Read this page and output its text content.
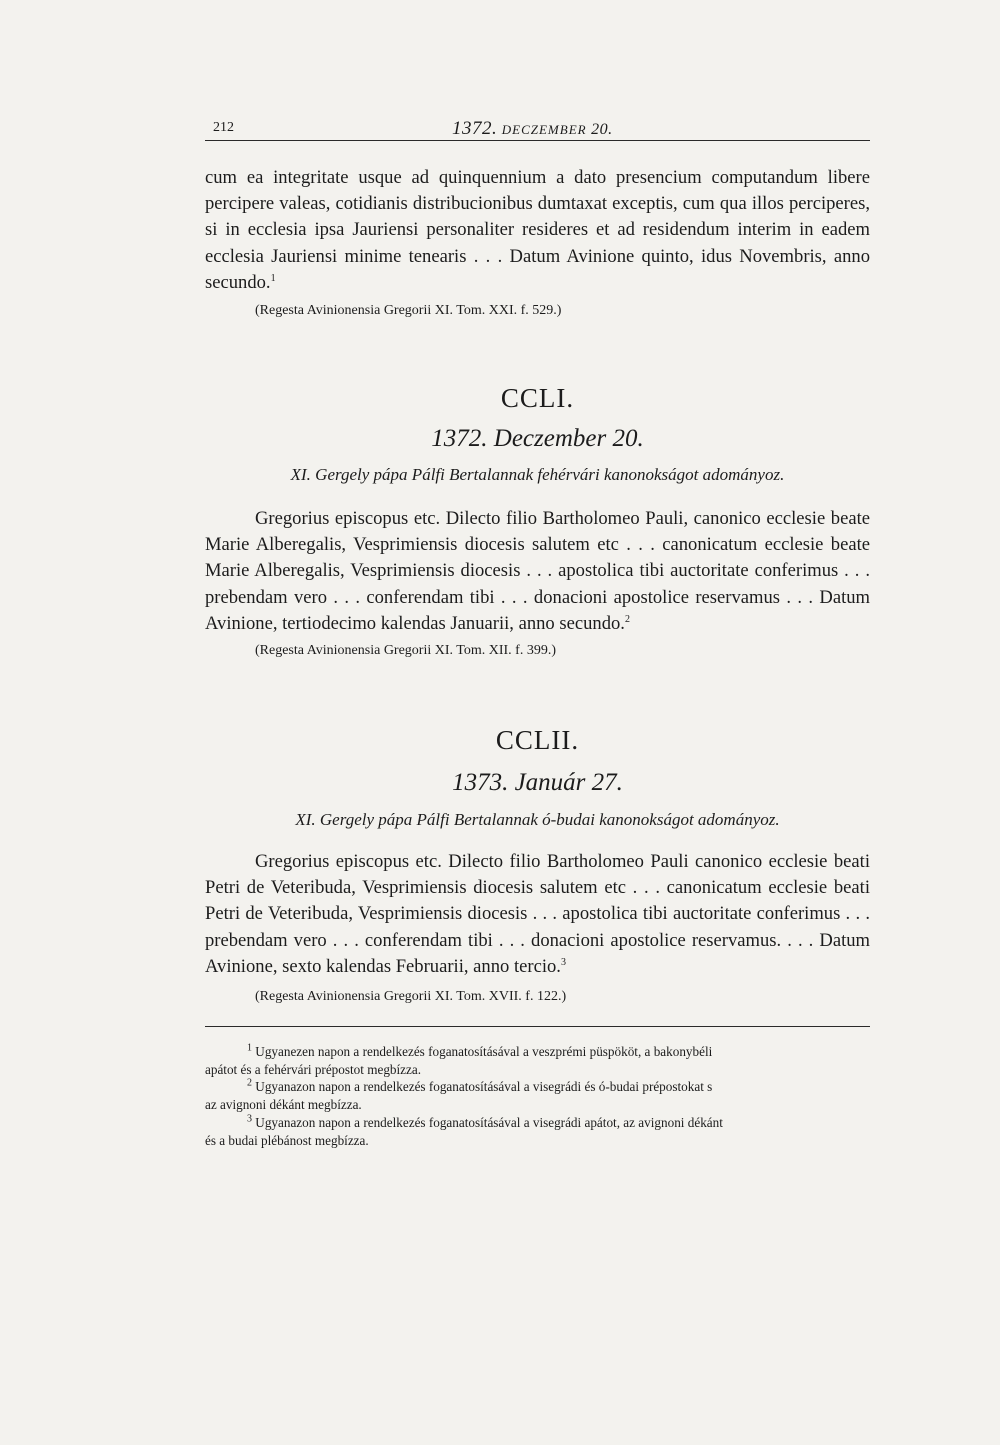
212	1372. DECZEMBER 20.

cum ea integritate usque ad quinquennium a dato presencium computandum libere percipere valeas, cotidianis distribucionibus dumtaxat exceptis, cum qua illos perciperes, si in ecclesia ipsa Jauriensi personaliter resideres et ad residendum interim in eadem ecclesia Jauriensi minime tenearis . . . Datum Avinione quinto, idus Novembris, anno secundo.$^1$

(Regesta Avinionensia Gregorii XI. Tom. XXI. f. 529.)
CCLI.
1372. Deczember 20.
XI. Gergely pápa Pálfi Bertalannak fehérvári kanonokságot adományoz.

Gregorius episcopus etc. Dilecto filio Bartholomeo Pauli, canonico ecclesie beate Marie Alberegalis, Vesprimiensis diocesis salutem etc . . . canonicatum ecclesie beate Marie Alberegalis, Vesprimiensis diocesis . . . apostolica tibi auctoritate conferimus . . . prebendam vero . . . conferendam tibi . . . donacioni apostolice reservamus . . . Datum Avinione, tertiodecimo kalendas Januarii, anno secundo.$^2$

(Regesta Avinionensia Gregorii XI. Tom. XII. f. 399.)
CCLII.
1373. Január 27.
XI. Gergely pápa Pálfi Bertalannak ó-budai kanonokságot adományoz.

Gregorius episcopus etc. Dilecto filio Bartholomeo Pauli canonico ecclesie beati Petri de Veteribuda, Vesprimiensis diocesis salutem etc . . . canonicatum ecclesie beati Petri de Veteribuda, Vesprimiensis diocesis . . . apostolica tibi auctoritate conferimus . . . prebendam vero . . . conferendam tibi . . . donacioni apostolice reservamus. . . . Datum Avinione, sexto kalendas Februarii, anno tercio.$^3$

(Regesta Avinionensia Gregorii XI. Tom. XVII. f. 122.)

$^1$ Ugyanezen napon a rendelkezés foganatosításával a veszprémi püspököt, a bakonybéli
apátot és a fehérvári prépostot megbízza.

$^2$ Ugyanazon napon a rendelkezés foganatosításával a visegrádi és ó-budai prépostokat s
az avignoni dékánt megbízza.

$^3$ Ugyanazon napon a rendelkezés foganatosításával a visegrádi apátot, az avignoni dékánt
és a budai plébánost megbízza.
